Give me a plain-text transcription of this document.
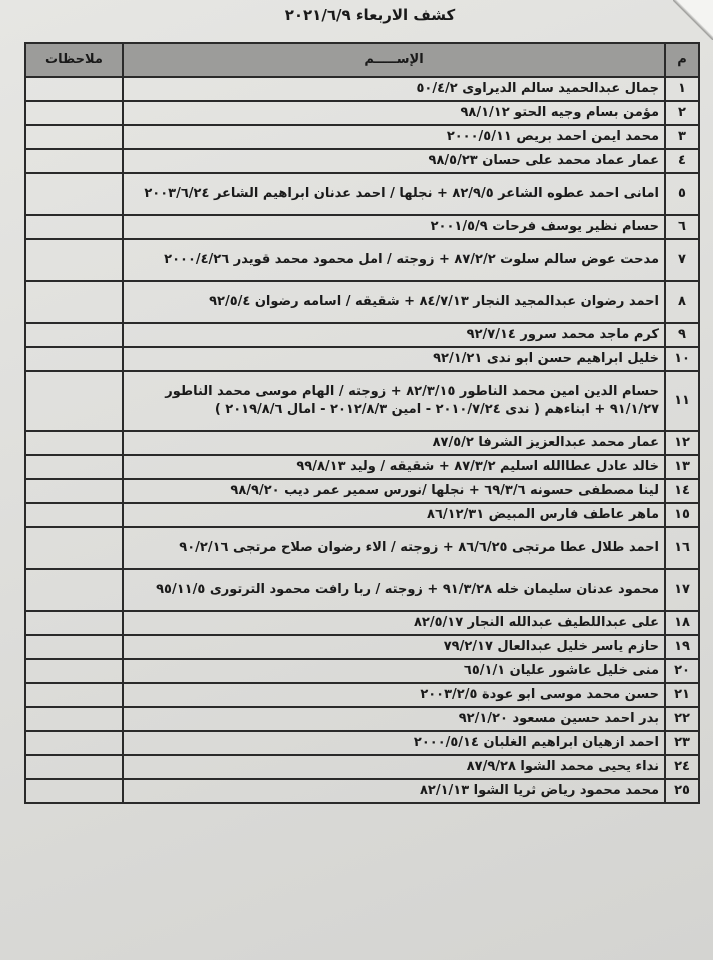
كشف الاربعاء ٢٠٢١/٦/٩
م	الإســـــم	ملاحظات
١	جمال عبدالحميد سالم الديراوى ٥٠/٤/٢	
٢	مؤمن بسام وجيه الحتو ٩٨/١/١٢	
٣	محمد ايمن احمد بريص ٢٠٠٠/٥/١١	
٤	عمار عماد محمد على حسان ٩٨/٥/٢٣	
٥	امانى احمد عطوه الشاعر ٨٢/٩/٥ + نجلها / احمد عدنان ابراهيم الشاعر ٢٠٠٣/٦/٢٤	
٦	حسام نظير يوسف فرحات ٢٠٠١/٥/٩	
٧	مدحت عوض سالم سلوت ٨٧/٢/٢ + زوجته / امل محمود محمد قويدر ٢٠٠٠/٤/٢٦	
٨	احمد رضوان عبدالمجيد النجار ٨٤/٧/١٣ + شقيقه / اسامه رضوان ٩٢/٥/٤	
٩	كرم ماجد محمد سرور ٩٢/٧/١٤	
١٠	خليل ابراهيم حسن ابو ندى ٩٢/١/٢١	
١١	حسام الدين امين محمد الناطور ٨٢/٣/١٥ + زوجته / الهام موسى محمد الناطور ٩١/١/٢٧ + ابناءهم ( ندى ٢٠١٠/٧/٢٤ - امين ٢٠١٢/٨/٣ - امال ٢٠١٩/٨/٦ )	
١٢	عمار محمد عبدالعزيز الشرفا ٨٧/٥/٢	
١٣	خالد عادل عطاالله اسليم ٨٧/٣/٢ + شقيقه / وليد ٩٩/٨/١٣	
١٤	لينا مصطفى حسونه ٦٩/٣/٦ + نجلها /نورس سمير عمر ديب ٩٨/٩/٢٠	
١٥	ماهر عاطف فارس المبيض ٨٦/١٢/٣١	
١٦	احمد طلال عطا مرتجى ٨٦/٦/٢٥ + زوجته / الاء رضوان صلاح مرتجى ٩٠/٢/١٦	
١٧	محمود عدنان سليمان خله ٩١/٣/٢٨ + زوجته / ربا رافت محمود الترتورى ٩٥/١١/٥	
١٨	على عبداللطيف عبدالله النجار ٨٢/٥/١٧	
١٩	حازم ياسر خليل عبدالعال ٧٩/٢/١٧	
٢٠	منى خليل عاشور عليان ٦٥/١/١	
٢١	حسن محمد موسى ابو عودة ٢٠٠٣/٢/٥	
٢٢	بدر احمد حسين مسعود ٩٢/١/٢٠	
٢٣	احمد ازهيان ابراهيم الغلبان ٢٠٠٠/٥/١٤	
٢٤	نداء يحيى محمد الشوا ٨٧/٩/٢٨	
٢٥	محمد محمود رياض ثريا الشوا ٨٢/١/١٣	
